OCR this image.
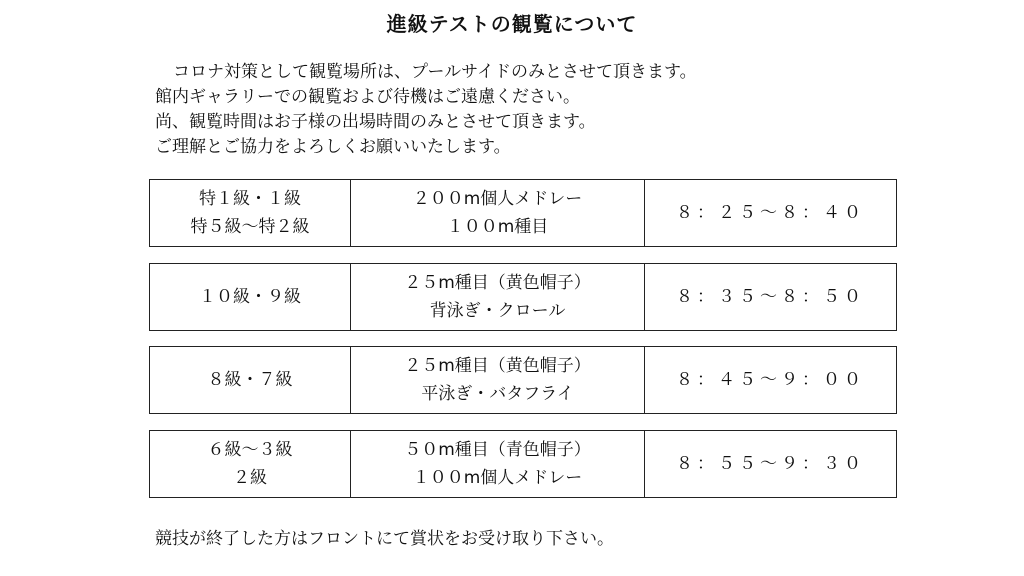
進級テストの観覧について
コロナ対策として観覧場所は、プールサイドのみとさせて頂きます。
館内ギャラリーでの観覧および待機はご遠慮ください。
尚、観覧時間はお子様の出場時間のみとさせて頂きます。
ご理解とご協力をよろしくお願いいたします。
特１級・１級
特５級～特２級

２００m個人メドレー
１００m種目
	８：２５～８：４０
１０級・９級

２５m種目（黄色帽子）
背泳ぎ・クロール
	８：３５～８：５０
８級・７級

２５m種目（黄色帽子）
平泳ぎ・バタフライ
	８：４５～９：００
６級～３級
２級

５０m種目（青色帽子）
１００m個人メドレー
	８：５５～９：３０
競技が終了した方はフロントにて賞状をお受け取り下さい。
